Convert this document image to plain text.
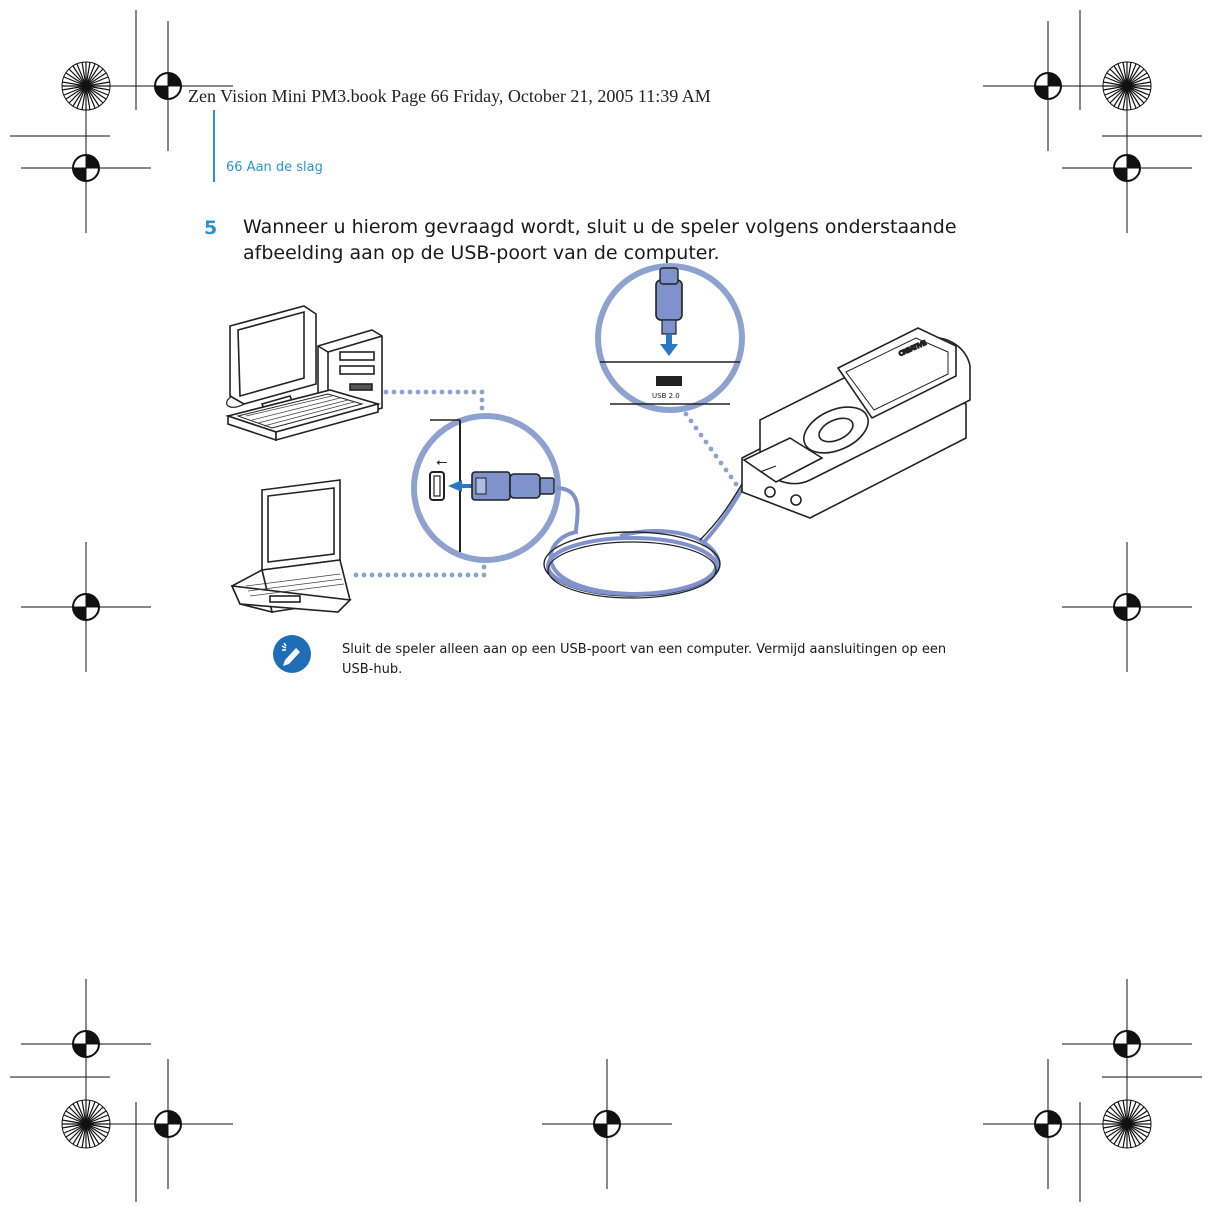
Zen Vision Mini PM3.book Page 66 Friday, October 21, 2005 11:39 AM
66 Aan de slag
5 Wanneer u hierom gevraagd wordt, sluit u de speler volgens onderstaande afbeelding aan op de USB-poort van de computer.
⭠
USB 2.0
CREATIVE
Sluit de speler alleen aan op een USB-poort van een computer. Vermijd aansluitingen op een USB-hub.
